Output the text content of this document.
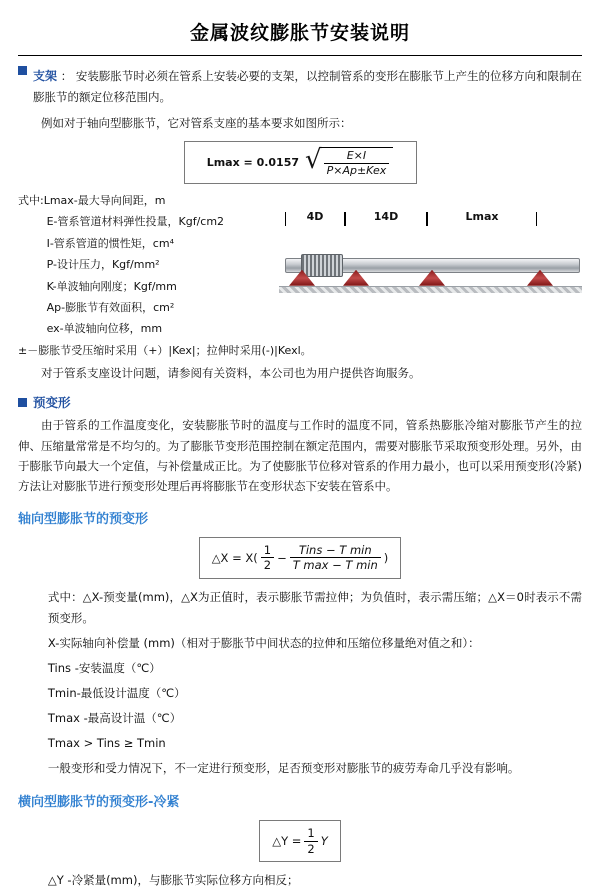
金属波纹膨胀节安装说明
支架 ： 安装膨胀节时必须在管系上安装必要的支架，以控制管系的变形在膨胀节上产生的位移方向和限制在膨胀节的额定位移范围内。

例如对于轴向型膨胀节，它对管系支座的基本要求如图所示：

Lmax = 0.0157 √ $\frac{E\times I}{\text{P×Ap±Kex}}$
式中:Lmax-最大导向间距，m
E-管系管道材料弹性投量，Kgf/cm2
I-管系管道的惯性矩，cm⁴
P-设计压力，Kgf/mm²
K-单波轴向刚度；Kgf/mm
Ap-膨胀节有效面积，cm²
ex-单波轴向位移，mm
±－膨胀节受压缩时采用（+）|Kex|；拉伸时采用(-)|Kexl。
4D	14D	Lmax

对于管系支座设计问题，请参阅有关资料，本公司也为用户提供咨询服务。

预变形

由于管系的工作温度变化，安装膨胀节时的温度与工作时的温度不同，管系热膨胀冷缩对膨胀节产生的拉伸、压缩量常常是不均匀的。为了膨胀节变形范围控制在额定范围内，需要对膨胀节采取预变形处理。另外，由于膨胀节向最大一个定值，与补偿量成正比。为了使膨胀节位移对管系的作用力最小，也可以采用预变形(冷紧)方法让对膨胀节进行预变形处理后再将膨胀节在变形状态下安装在管系中。

轴向型膨胀节的预变形
△X = $X( \frac{1}{2} - \frac{\text{Tins − T min}}{\text{T max − T min}}$ )

式中：△X-预变量(mm)，△X为正值时，表示膨胀节需拉伸；为负值时，表示需压缩；△X＝0时表示不需预变形。

X-实际轴向补偿量 (mm)（相对于膨胀节中间状态的拉伸和压缩位移量绝对值之和）：

Tins -安装温度（℃）

Tmin-最低设计温度（℃）

Tmax -最高设计温（℃）

Tmax > Tins ≥ Tmin

一般变形和受力情况下，不一定进行预变形，足否预变形对膨胀节的疲劳寿命几乎没有影响。

横向型膨胀节的预变形-冷紧
△Y = $\frac{1}{2}$ Y

△Y -冷紧量(mm)，与膨胀节实际位移方向相反；
